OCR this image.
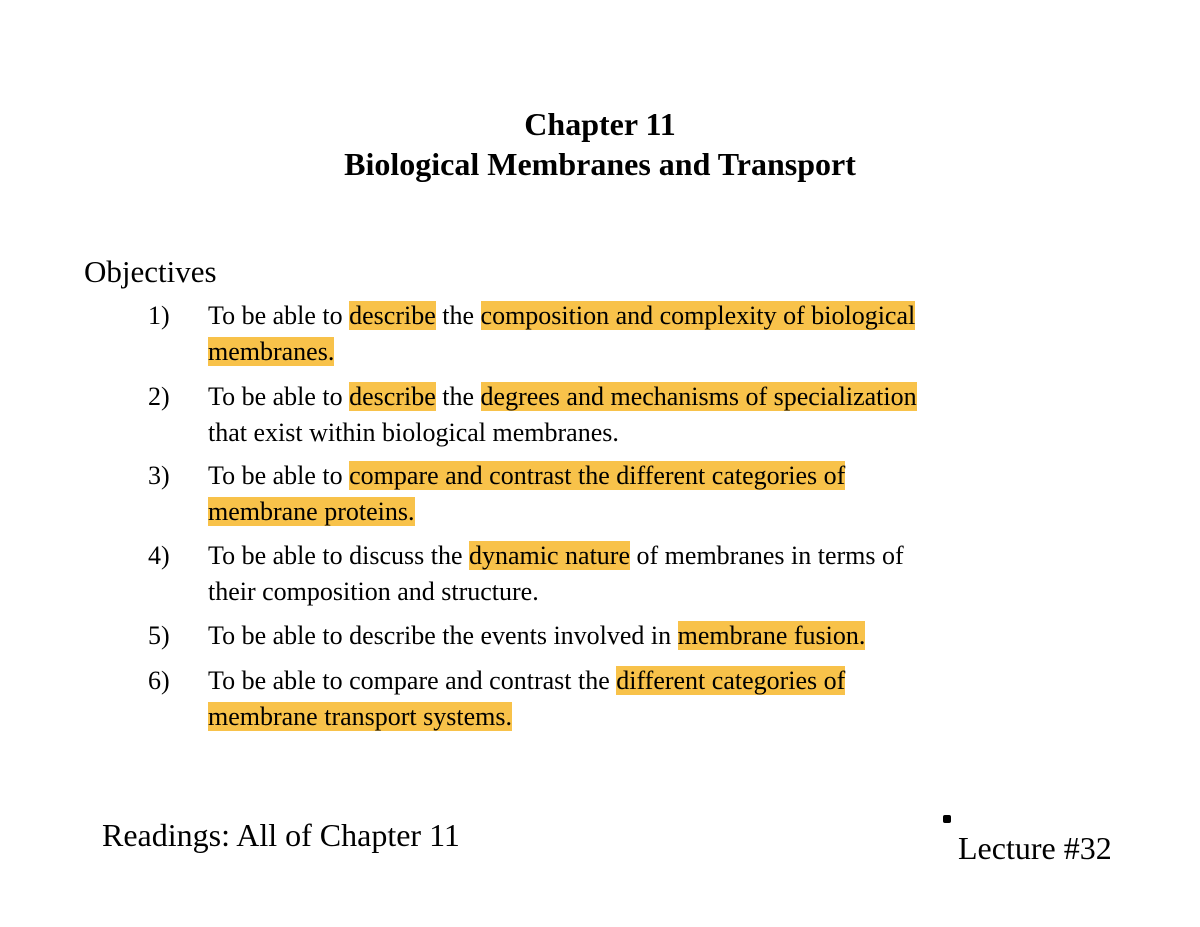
Chapter 11
Biological Membranes and Transport
Objectives
1) To be able to describe the composition and complexity of biological
membranes.
2) To be able to describe the degrees and mechanisms of specialization
that exist within biological membranes.
3) To be able to compare and contrast the different categories of
membrane proteins.
4) To be able to discuss the dynamic nature of membranes in terms of
their composition and structure.
5) To be able to describe the events involved in membrane fusion.
6) To be able to compare and contrast the different categories of
membrane transport systems.
Readings: All of Chapter 11	Lecture #32
